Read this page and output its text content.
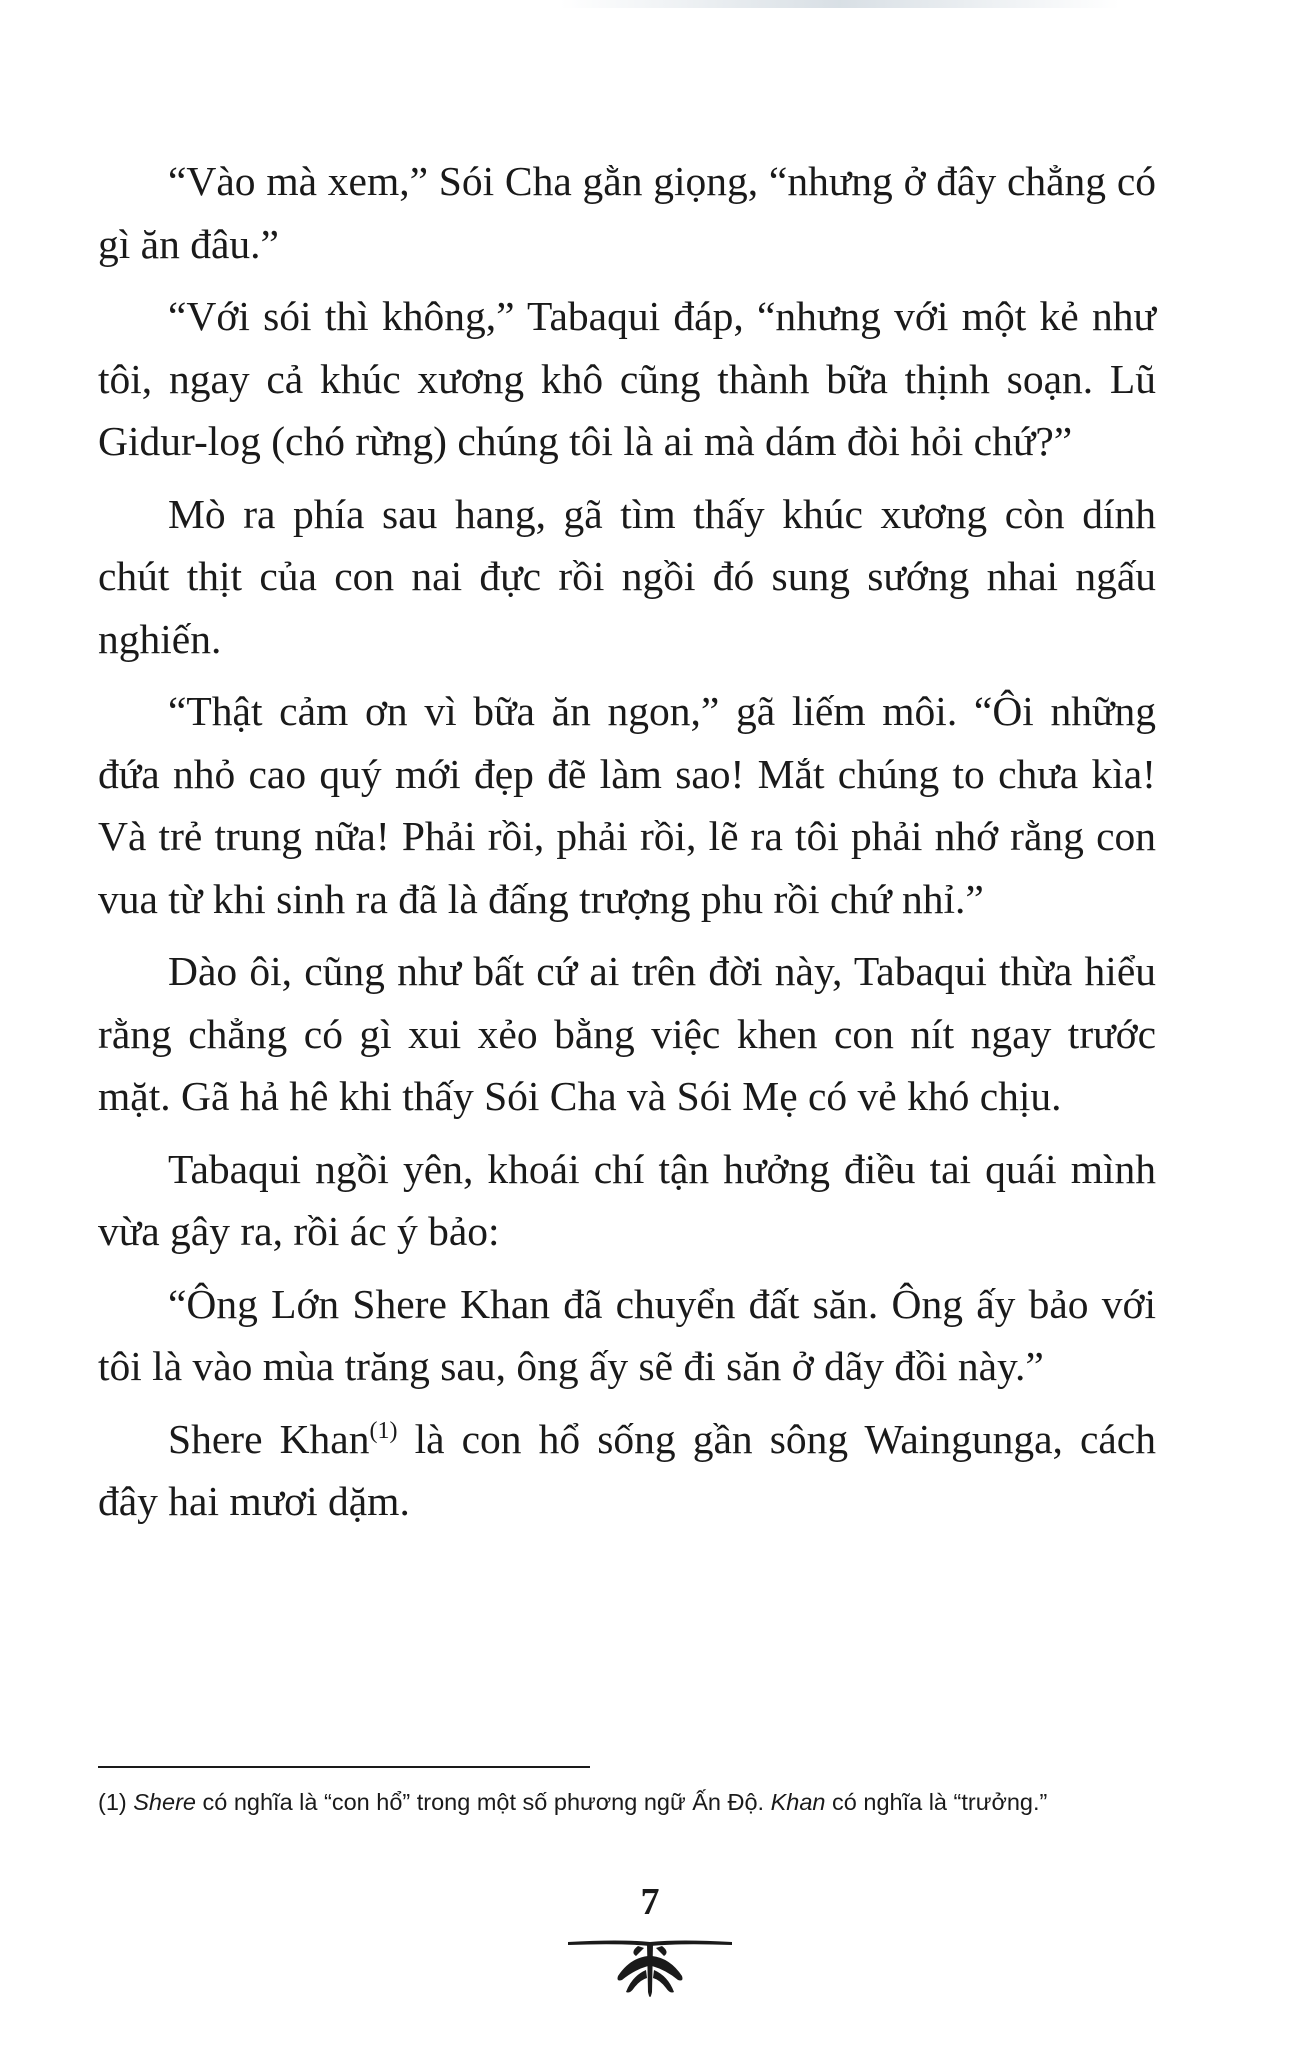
“Vào mà xem,” Sói Cha gằn giọng, “nhưng ở đây chẳng có gì ăn đâu.”

“Với sói thì không,” Tabaqui đáp, “nhưng với một kẻ như tôi, ngay cả khúc xương khô cũng thành bữa thịnh soạn. Lũ Gidur-log (chó rừng) chúng tôi là ai mà dám đòi hỏi chứ?”

Mò ra phía sau hang, gã tìm thấy khúc xương còn dính chút thịt của con nai đực rồi ngồi đó sung sướng nhai ngấu nghiến.

“Thật cảm ơn vì bữa ăn ngon,” gã liếm môi. “Ôi những đứa nhỏ cao quý mới đẹp đẽ làm sao! Mắt chúng to chưa kìa! Và trẻ trung nữa! Phải rồi, phải rồi, lẽ ra tôi phải nhớ rằng con vua từ khi sinh ra đã là đấng trượng phu rồi chứ nhỉ.”

Dào ôi, cũng như bất cứ ai trên đời này, Tabaqui thừa hiểu rằng chẳng có gì xui xẻo bằng việc khen con nít ngay trước mặt. Gã hả hê khi thấy Sói Cha và Sói Mẹ có vẻ khó chịu.

Tabaqui ngồi yên, khoái chí tận hưởng điều tai quái mình vừa gây ra, rồi ác ý bảo:

“Ông Lớn Shere Khan đã chuyển đất săn. Ông ấy bảo với tôi là vào mùa trăng sau, ông ấy sẽ đi săn ở dãy đồi này.”

Shere Khan$^{(1)}$ là con hổ sống gần sông Waingunga, cách đây hai mươi dặm.

(1) Shere có nghĩa là “con hổ” trong một số phương ngữ Ấn Độ. Khan có nghĩa là “trưởng.”

7
